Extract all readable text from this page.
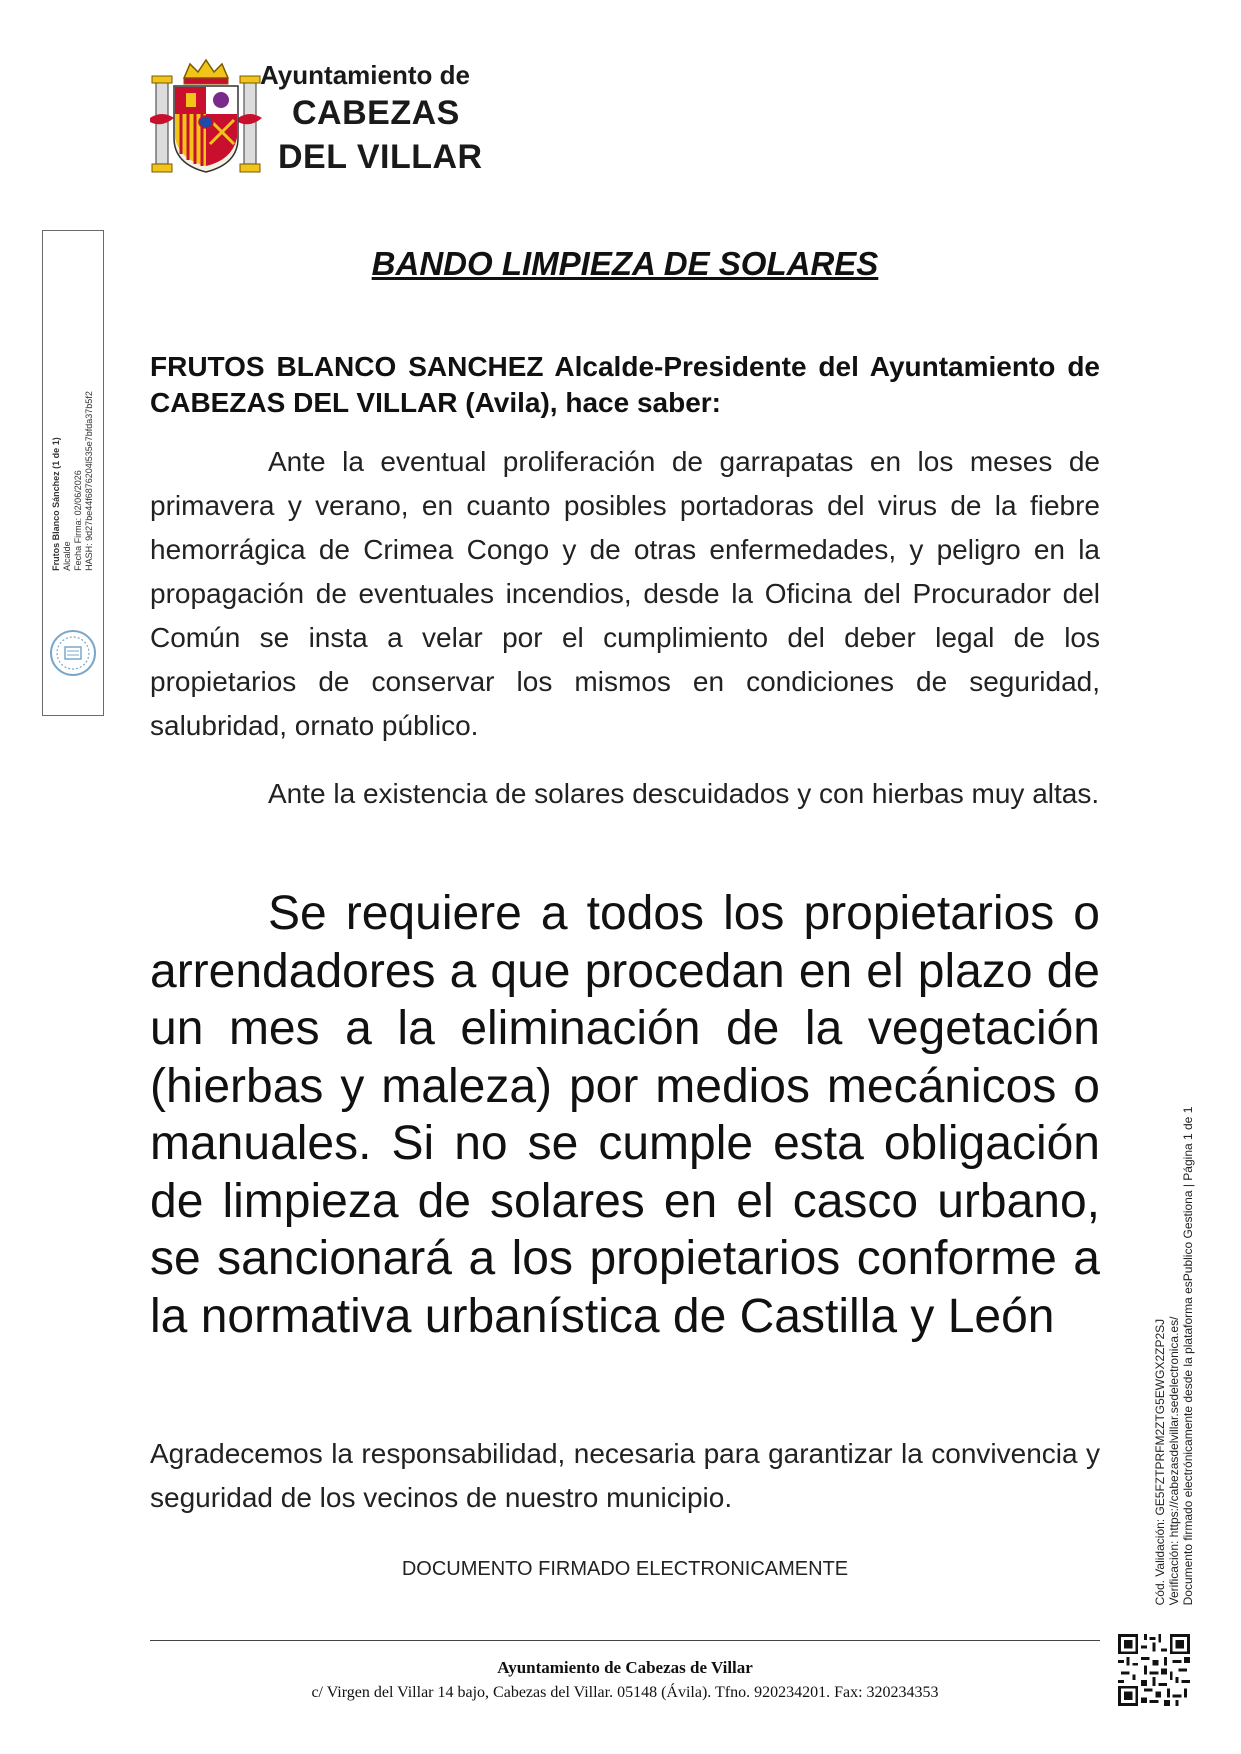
Ayuntamiento de
CABEZAS
DEL VILLAR
Frutos Blanco Sánchez (1 de 1) Alcalde Fecha Firma: 02/06/2026 HASH: 9d27be44f6876204l535e7bfda37b5f2
BANDO LIMPIEZA DE SOLARES
FRUTOS BLANCO SANCHEZ Alcalde-Presidente del Ayuntamiento de CABEZAS DEL VILLAR (Avila), hace saber:
Ante la eventual proliferación de garrapatas en los meses de primavera y verano, en cuanto posibles portadoras del virus de la fiebre hemorrágica de Crimea Congo y de otras enfermedades, y peligro en la propagación de eventuales incendios, desde la Oficina del Procurador del Común se insta a velar por el cumplimiento del deber legal de los propietarios de conservar los mismos en condiciones de seguridad, salubridad, ornato público.
Ante la existencia de solares descuidados y con hierbas muy altas.
Se requiere a todos los propietarios o arrendadores a que procedan en el plazo de un mes a la eliminación de la vegetación (hierbas y maleza) por medios mecánicos o manuales. Si no se cumple esta obligación de limpieza de solares en el casco urbano, se sancionará a los propietarios conforme a la normativa urbanística de Castilla y León
Agradecemos la responsabilidad, necesaria para garantizar la convivencia y seguridad de los vecinos de nuestro municipio.
DOCUMENTO FIRMADO ELECTRONICAMENTE
Ayuntamiento de Cabezas de Villar
c/ Virgen del Villar 14 bajo, Cabezas del Villar. 05148 (Ávila). Tfno. 920234201. Fax: 320234353
Cód. Validación: GE5FZTPRFM2ZTG5EWGX2ZP2SJ Verificación: https://cabezasdelvillar.sedelectronica.es/ Documento firmado electrónicamente desde la plataforma esPublico Gestiona | Página 1 de 1
